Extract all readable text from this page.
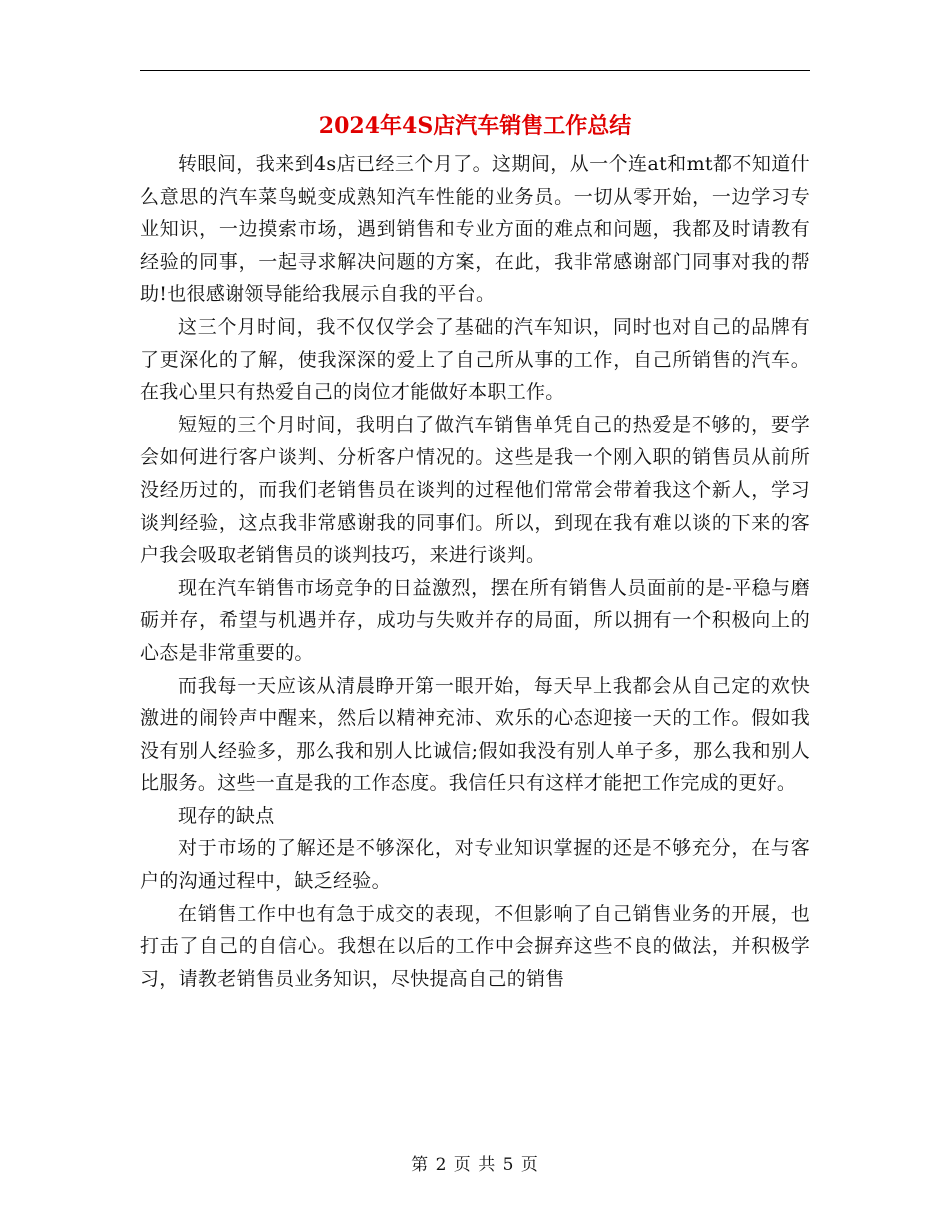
2024年4S店汽车销售工作总结

转眼间，我来到4s店已经三个月了。这期间，从一个连at和mt都不知道什么意思的汽车菜鸟蜕变成熟知汽车性能的业务员。一切从零开始，一边学习专业知识，一边摸索市场，遇到销售和专业方面的难点和问题，我都及时请教有经验的同事，一起寻求解决问题的方案，在此，我非常感谢部门同事对我的帮助!也很感谢领导能给我展示自我的平台。

这三个月时间，我不仅仅学会了基础的汽车知识，同时也对自己的品牌有了更深化的了解，使我深深的爱上了自己所从事的工作，自己所销售的汽车。在我心里只有热爱自己的岗位才能做好本职工作。

短短的三个月时间，我明白了做汽车销售单凭自己的热爱是不够的，要学会如何进行客户谈判、分析客户情况的。这些是我一个刚入职的销售员从前所没经历过的，而我们老销售员在谈判的过程他们常常会带着我这个新人，学习谈判经验，这点我非常感谢我的同事们。所以，到现在我有难以谈的下来的客户我会吸取老销售员的谈判技巧，来进行谈判。

现在汽车销售市场竞争的日益激烈，摆在所有销售人员面前的是-平稳与磨砺并存，希望与机遇并存，成功与失败并存的局面，所以拥有一个积极向上的心态是非常重要的。

而我每一天应该从清晨睁开第一眼开始，每天早上我都会从自己定的欢快激进的闹铃声中醒来，然后以精神充沛、欢乐的心态迎接一天的工作。假如我没有别人经验多，那么我和别人比诚信;假如我没有别人单子多，那么我和别人比服务。这些一直是我的工作态度。我信任只有这样才能把工作完成的更好。

现存的缺点

对于市场的了解还是不够深化，对专业知识掌握的还是不够充分，在与客户的沟通过程中，缺乏经验。

在销售工作中也有急于成交的表现，不但影响了自己销售业务的开展，也打击了自己的自信心。我想在以后的工作中会摒弃这些不良的做法，并积极学习，请教老销售员业务知识，尽快提高自己的销售

第 2 页 共 5 页
